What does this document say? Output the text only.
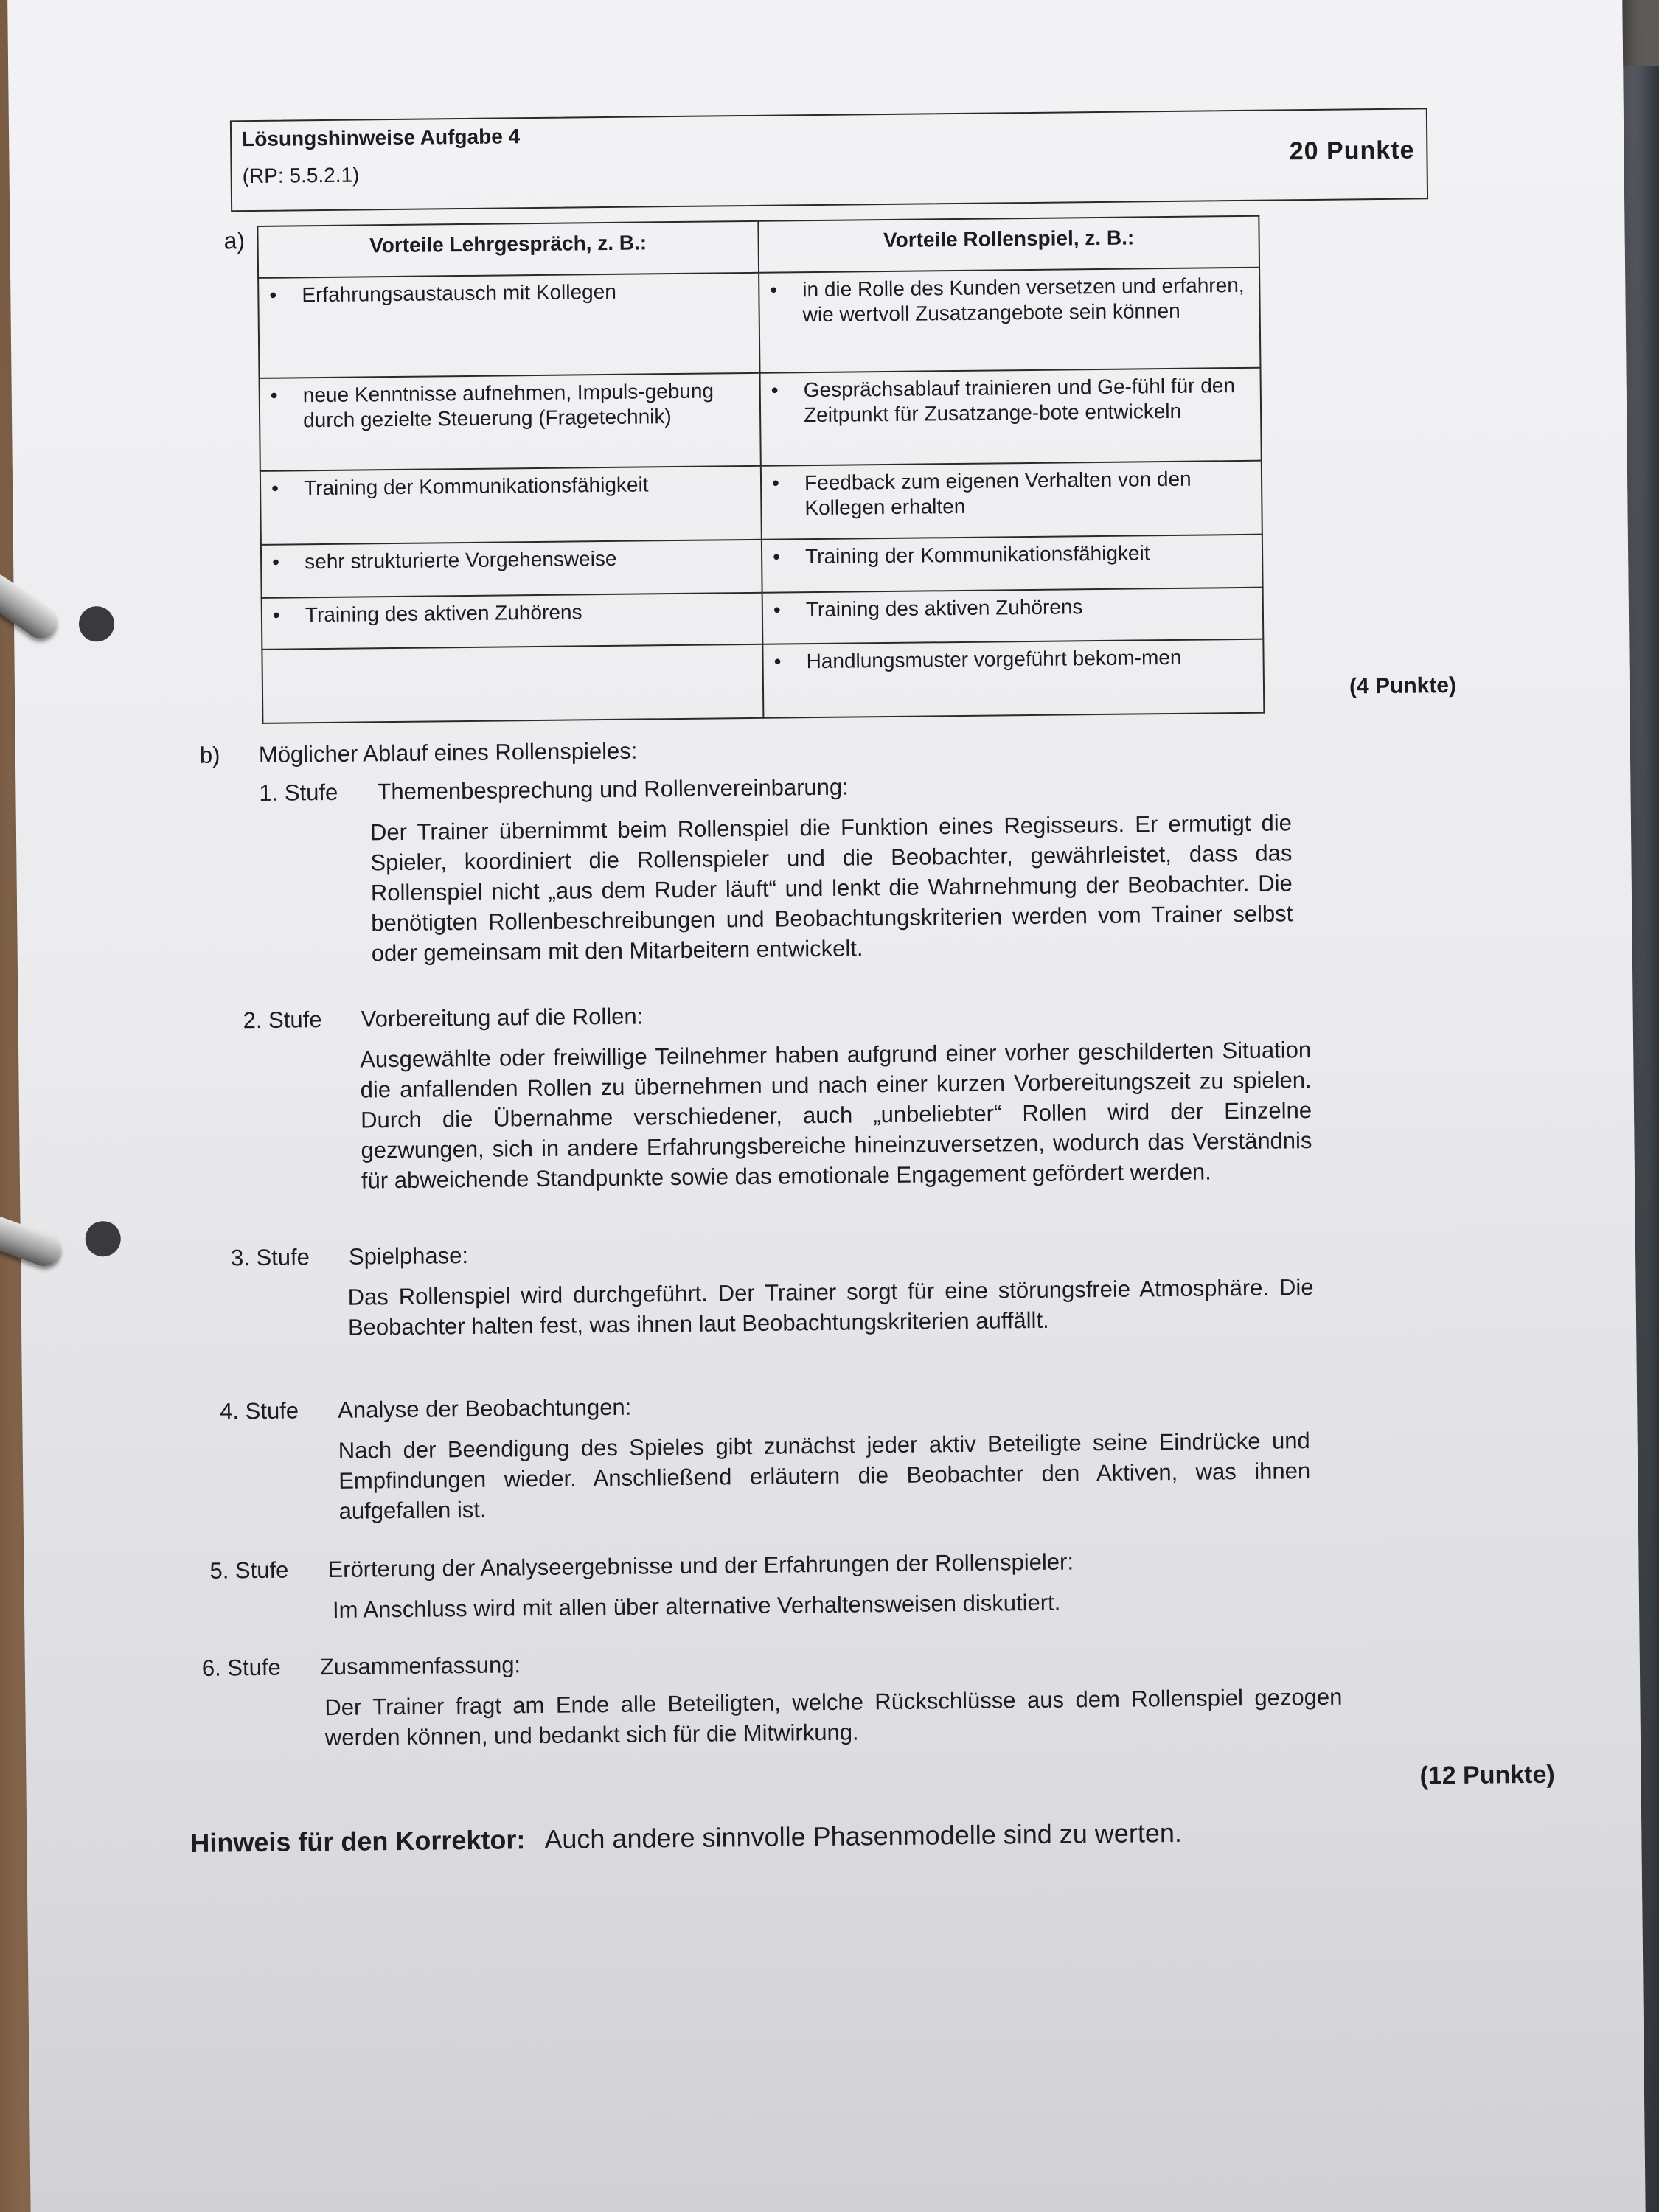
Lösungshinweise Aufgabe 4
(RP: 5.5.2.1)
20 Punkte
a)	Vorteile Lehrgespräch, z. B.:	Vorteile Rollenspiel, z. B.:

• Erfahrungsaustausch mit Kollegen	• in die Rolle des Kunden versetzen und erfahren, wie wertvoll Zusatzangebote sein können

• neue Kenntnisse aufnehmen, Impuls-gebung durch gezielte Steuerung (Fragetechnik)	• Gesprächsablauf trainieren und Ge-fühl für den Zeitpunkt für Zusatzange-bote entwickeln

• Training der Kommunikationsfähigkeit	• Feedback zum eigenen Verhalten von den Kollegen erhalten

• sehr strukturierte Vorgehensweise	• Training der Kommunikationsfähigkeit

• Training des aktiven Zuhörens	• Training des aktiven Zuhörens

	• Handlungsmuster vorgeführt bekom-men
(4 Punkte)
b) Möglicher Ablauf eines Rollenspieles:
1. Stufe Themenbesprechung und Rollenvereinbarung:
Der Trainer übernimmt beim Rollenspiel die Funktion eines Regisseurs. Er ermutigt die Spieler, koordiniert die Rollenspieler und die Beobachter, gewährleistet, dass das Rollenspiel nicht „aus dem Ruder läuft“ und lenkt die Wahrnehmung der Beobachter. Die benötigten Rollenbeschreibungen und Beobachtungskriterien werden vom Trainer selbst oder gemeinsam mit den Mitarbeitern entwickelt.
2. Stufe Vorbereitung auf die Rollen:
Ausgewählte oder freiwillige Teilnehmer haben aufgrund einer vorher geschilderten Situation die anfallenden Rollen zu übernehmen und nach einer kurzen Vorbereitungszeit zu spielen. Durch die Übernahme verschiedener, auch „unbeliebter“ Rollen wird der Einzelne gezwungen, sich in andere Erfahrungsbereiche hineinzuversetzen, wodurch das Verständnis für abweichende Standpunkte sowie das emotionale Engagement gefördert werden.
3. Stufe Spielphase:
Das Rollenspiel wird durchgeführt. Der Trainer sorgt für eine störungsfreie Atmosphäre. Die Beobachter halten fest, was ihnen laut Beobachtungskriterien auffällt.
4. Stufe Analyse der Beobachtungen:
Nach der Beendigung des Spieles gibt zunächst jeder aktiv Beteiligte seine Eindrücke und Empfindungen wieder. Anschließend erläutern die Beobachter den Aktiven, was ihnen aufgefallen ist.
5. Stufe Erörterung der Analyseergebnisse und der Erfahrungen der Rollenspieler:
Im Anschluss wird mit allen über alternative Verhaltensweisen diskutiert.
6. Stufe Zusammenfassung:
Der Trainer fragt am Ende alle Beteiligten, welche Rückschlüsse aus dem Rollenspiel gezogen werden können, und bedankt sich für die Mitwirkung.
(12 Punkte)
Hinweis für den Korrektor: Auch andere sinnvolle Phasenmodelle sind zu werten.
